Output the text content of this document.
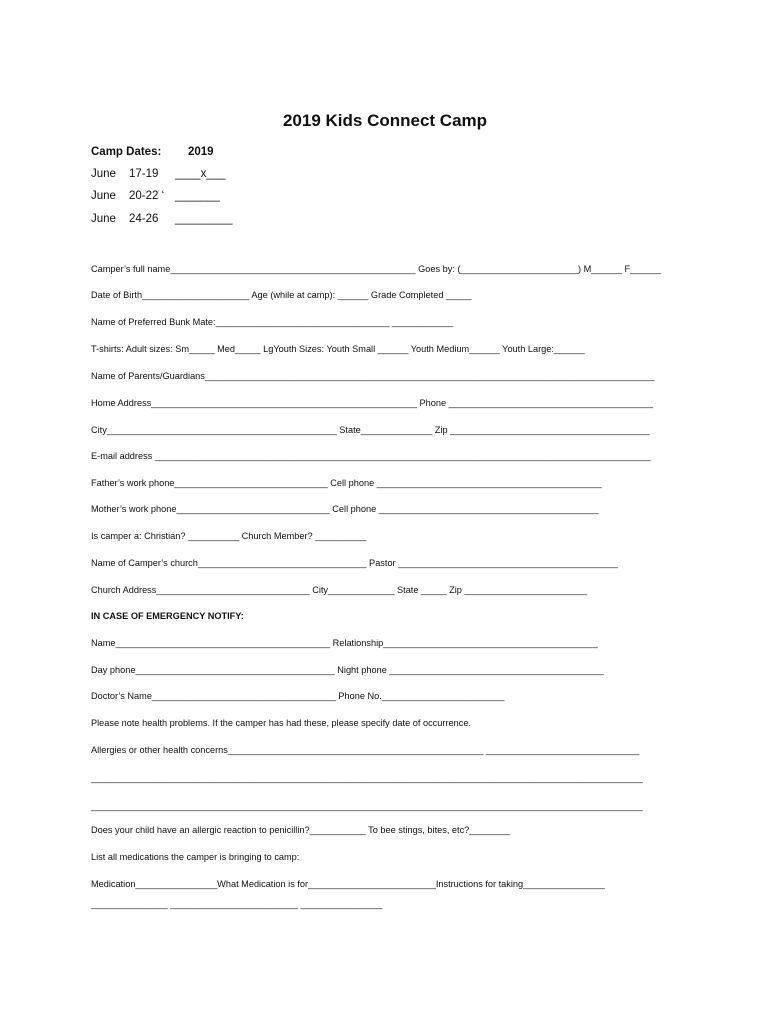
2019 Kids Connect Camp
Camp Dates: 2019
June 17-19 ____x___
June 20-22 ‘ _______
June 24-26 _________
Camper’s full name________________________________________________ Goes by: (_______________________) M______ F______
Date of Birth_____________________ Age (while at camp): ______ Grade Completed _____
Name of Preferred Bunk Mate:__________________________________ ____________
T-shirts: Adult sizes: Sm_____ Med_____ LgYouth Sizes: Youth Small ______ Youth Medium______ Youth Large:______
Name of Parents/Guardians________________________________________________________________________________________
Home Address____________________________________________________ Phone ________________________________________
City_____________________________________________ State______________ Zip _______________________________________
E-mail address _________________________________________________________________________________________________
Father’s work phone______________________________ Cell phone ____________________________________________
Mother’s work phone______________________________ Cell phone ___________________________________________
Is camper a: Christian? __________ Church Member? __________
Name of Camper’s church_________________________________ Pastor ___________________________________________
Church Address______________________________ City_____________ State _____ Zip ________________________
IN CASE OF EMERGENCY NOTIFY:
Name__________________________________________ Relationship__________________________________________
Day phone_______________________________________ Night phone __________________________________________
Doctor’s Name____________________________________ Phone No.________________________
Please note health problems. If the camper has had these, please specify date of occurrence.
Allergies or other health concerns__________________________________________________ ______________________________
____________________________________________________________________________________________________________
____________________________________________________________________________________________________________
Does your child have an allergic reaction to penicillin?___________ To bee stings, bites, etc?________
List all medications the camper is bringing to camp:
Medication________________What Medication is for_________________________Instructions for taking________________
_______________ _________________________ ________________
